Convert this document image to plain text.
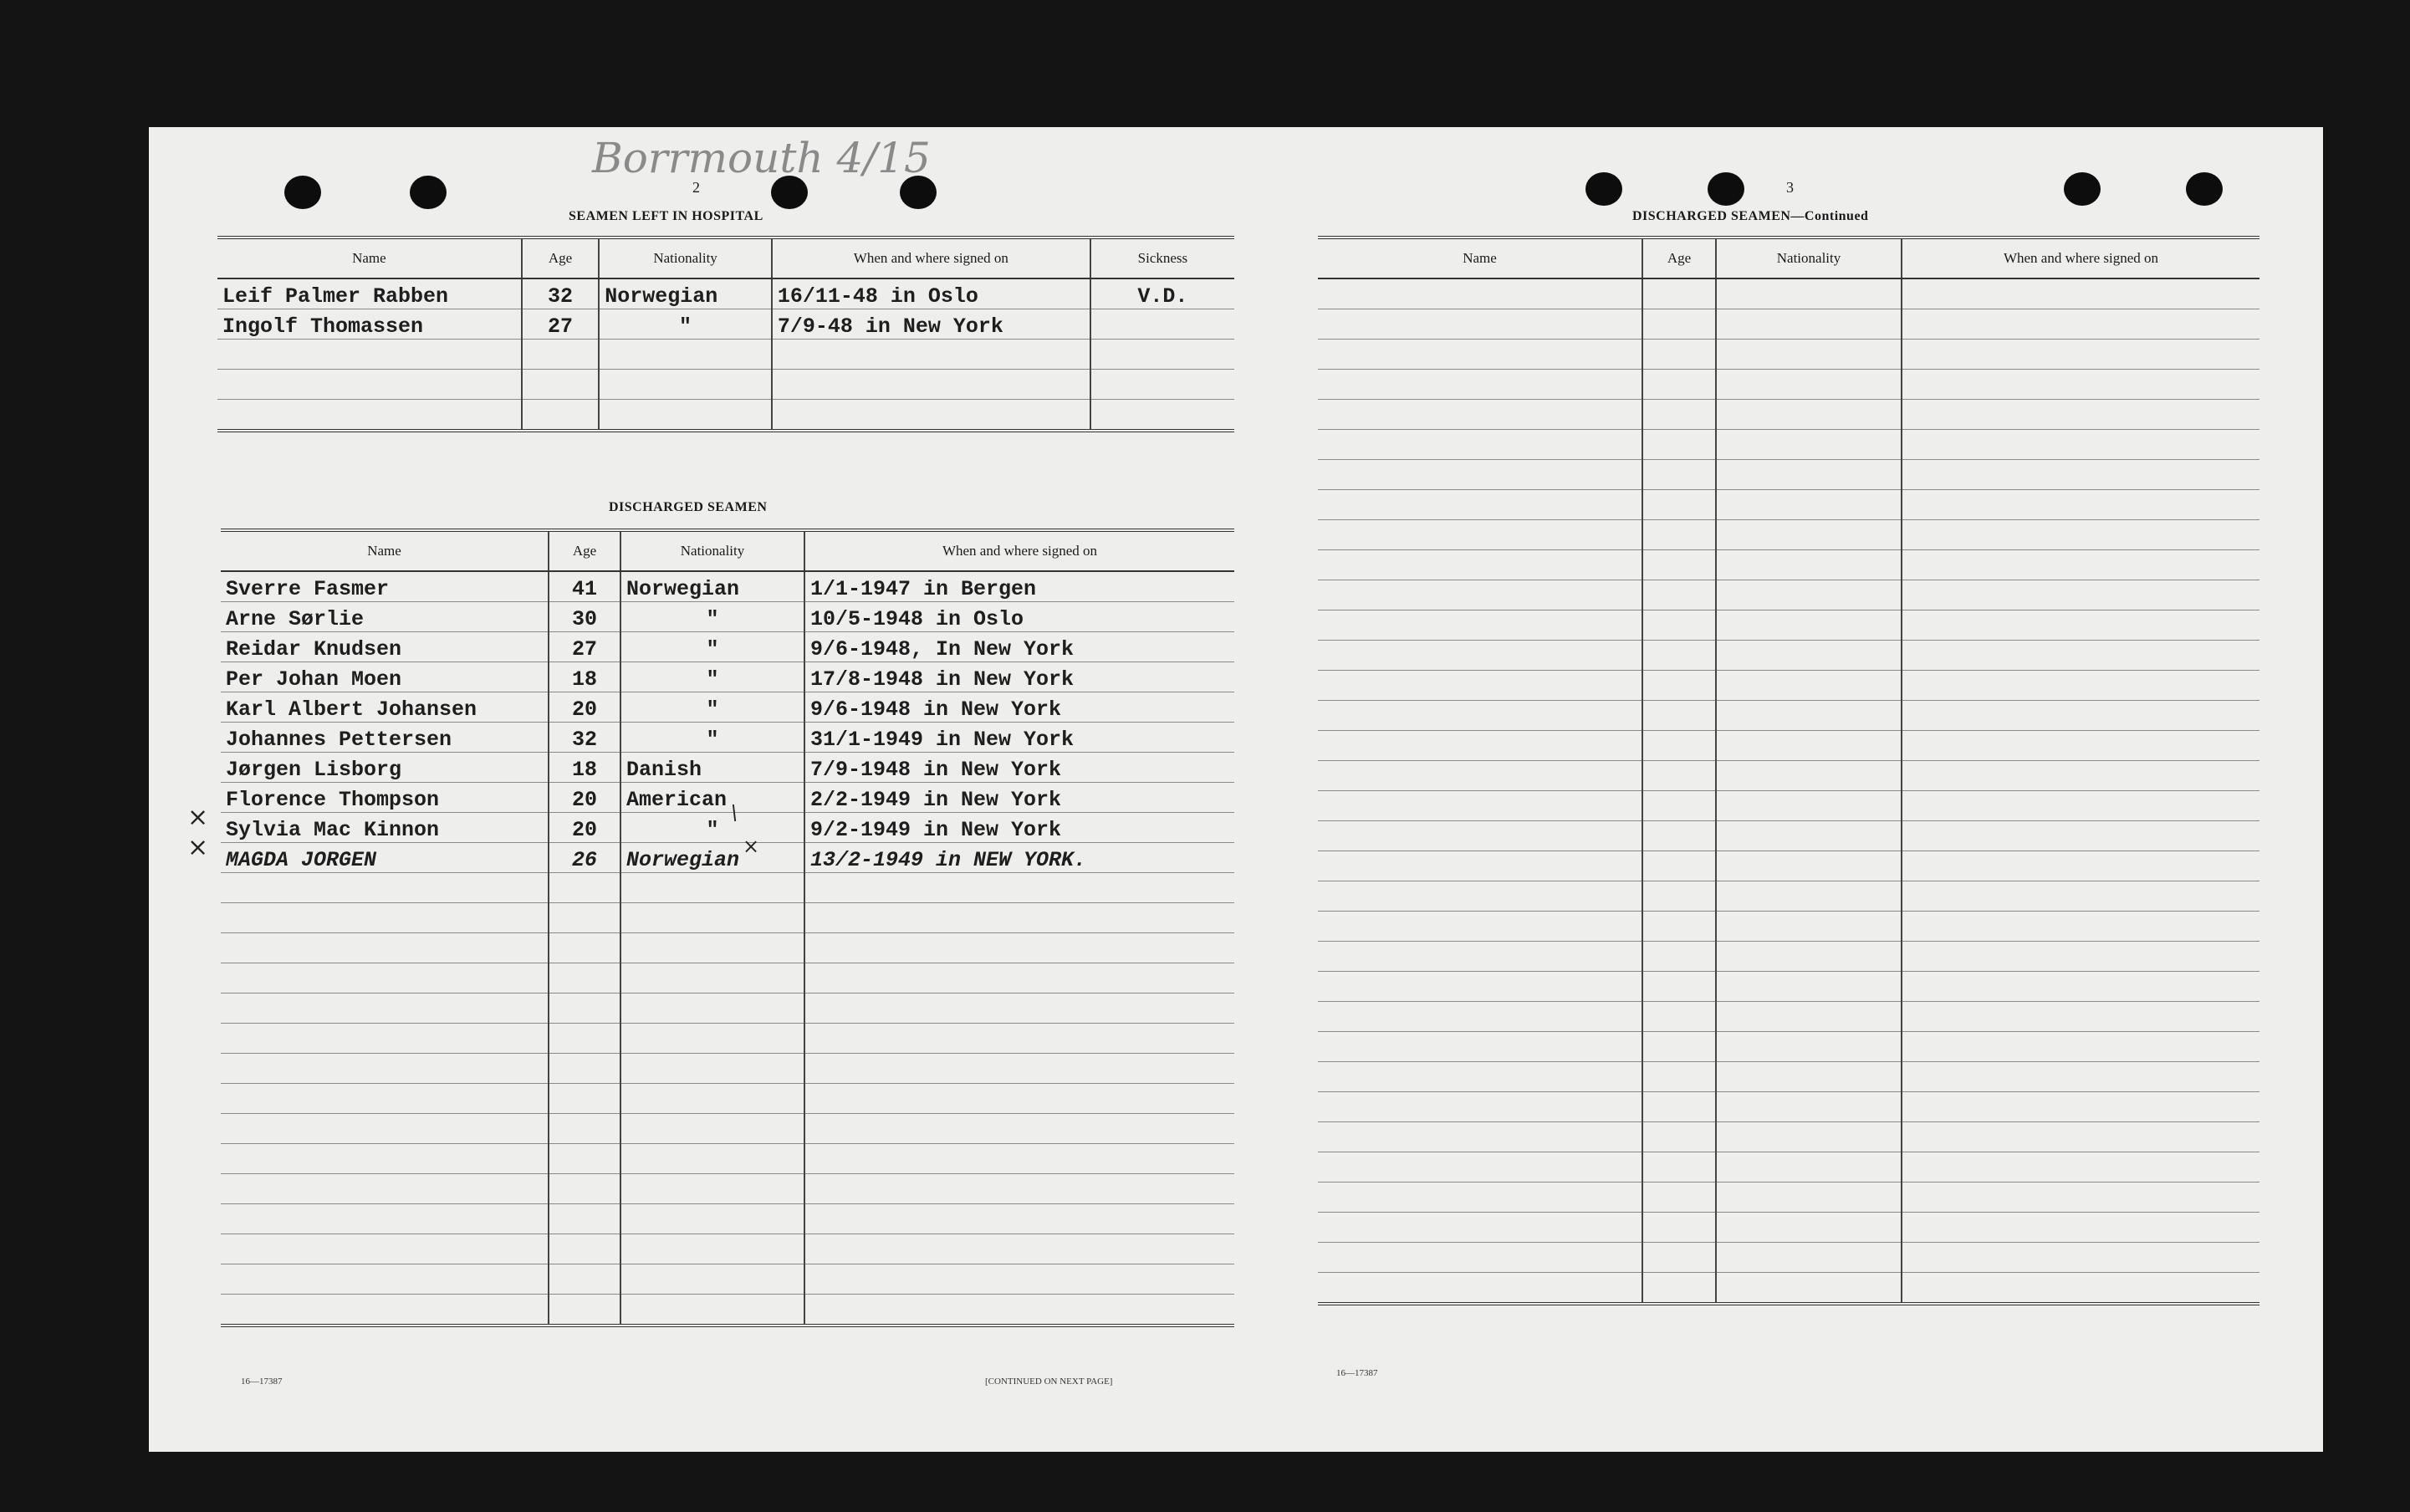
Borrmouth 4/15
2
SEAMEN LEFT IN HOSPITAL
Name	Age	Nationality	When and where signed on	Sickness
Leif Palmer Rabben	32	Norwegian	16/11-48 in Oslo	V.D.
Ingolf Thomassen	27	"	7/9-48 in New York	

DISCHARGED SEAMEN
Name	Age	Nationality	When and where signed on
Sverre Fasmer	41	Norwegian	1/1-1947 in Bergen
Arne Sørlie	30	"	10/5-1948 in Oslo
Reidar Knudsen	27	"	9/6-1948, In New York
Per Johan Moen	18	"	17/8-1948 in New York
Karl Albert Johansen	20	"	9/6-1948 in New York
Johannes Pettersen	32	"	31/1-1949 in New York
Jørgen Lisborg	18	Danish	7/9-1948 in New York
Florence Thompson	20	American	2/2-1949 in New York
Sylvia Mac Kinnon	20	"	9/2-1949 in New York
MAGDA JORGEN	26	Norwegian	13/2-1949 in NEW YORK.

×
×
\
×
16—17387	[CONTINUED ON NEXT PAGE]
3
DISCHARGED SEAMEN—Continued
Name	Age	Nationality	When and where signed on

16—17387
